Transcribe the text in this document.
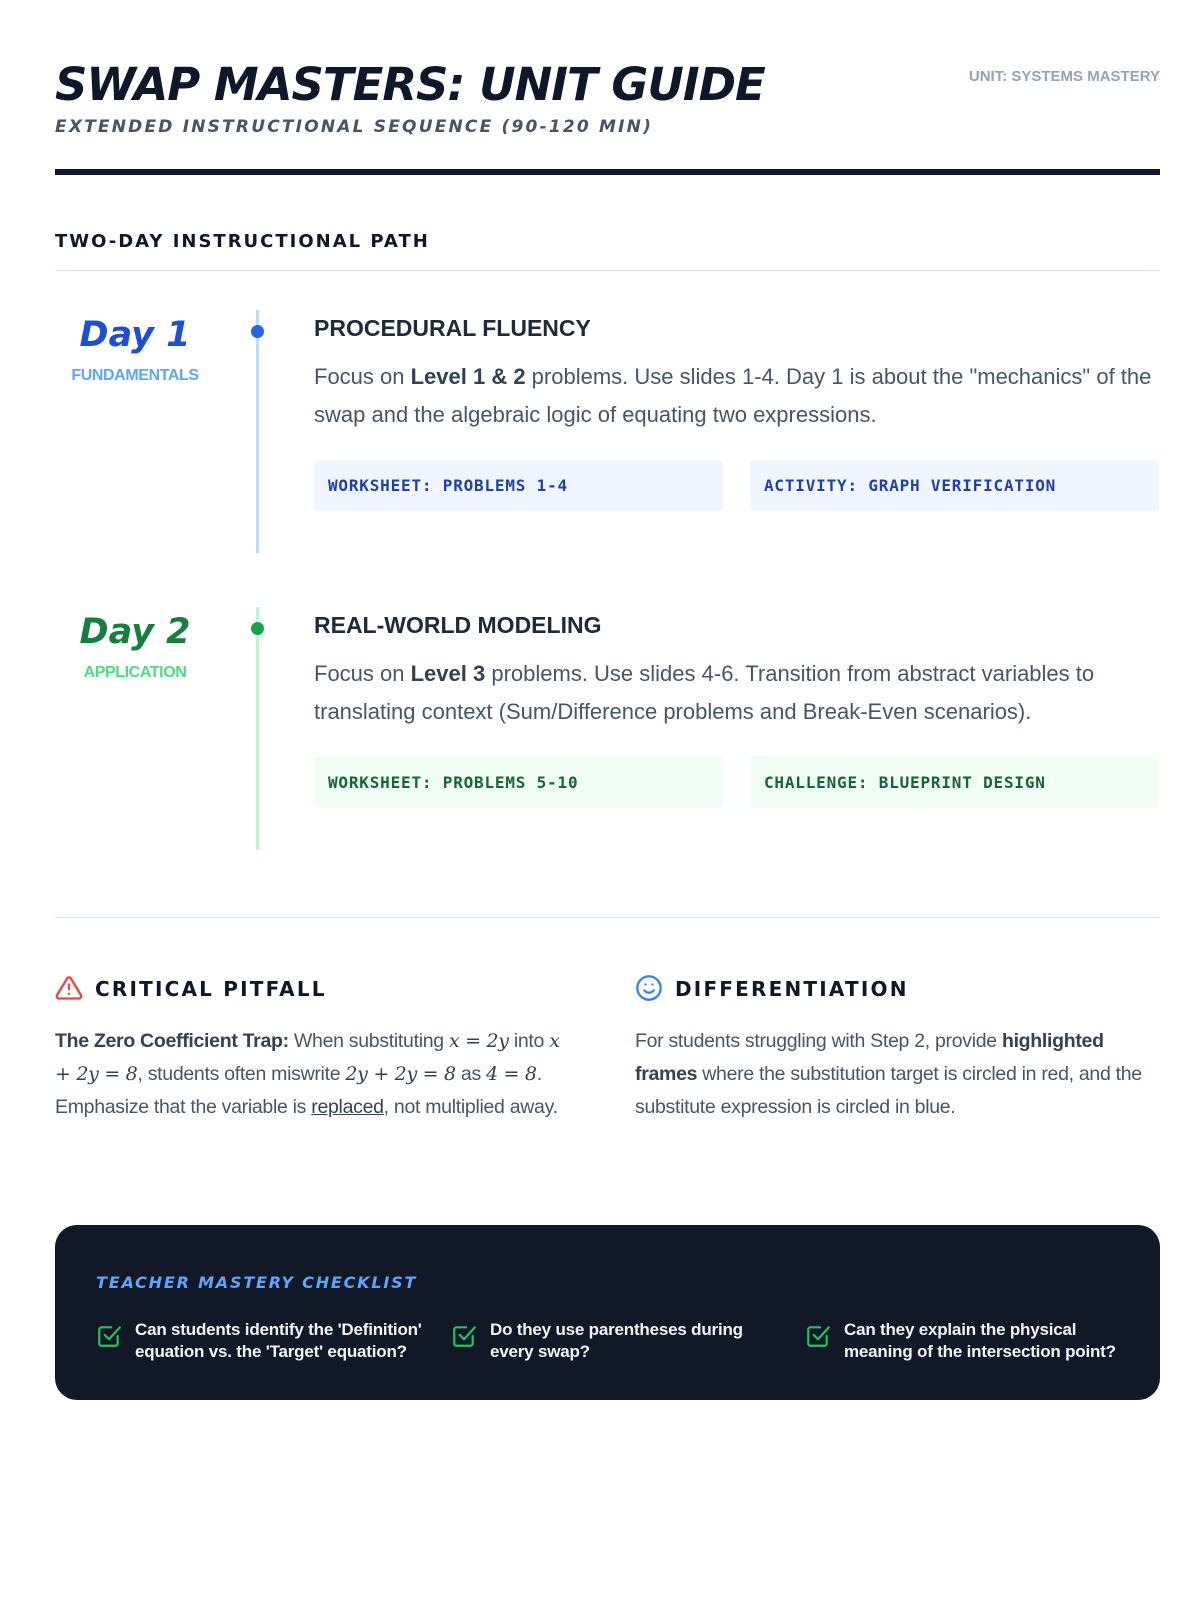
SWAP MASTERS: UNIT GUIDE
EXTENDED INSTRUCTIONAL SEQUENCE (90-120 MIN)
UNIT: SYSTEMS MASTERY
TWO-DAY INSTRUCTIONAL PATH
Day 1
FUNDAMENTALS
PROCEDURAL FLUENCY
Focus on Level 1 & 2 problems. Use slides 1-4. Day 1 is about the "mechanics" of the swap and the algebraic logic of equating two expressions.
WORKSHEET: PROBLEMS 1-4	ACTIVITY: GRAPH VERIFICATION
Day 2
APPLICATION
REAL-WORLD MODELING
Focus on Level 3 problems. Use slides 4-6. Transition from abstract variables to translating context (Sum/Difference problems and Break-Even scenarios).
WORKSHEET: PROBLEMS 5-10	CHALLENGE: BLUEPRINT DESIGN
CRITICAL PITFALL
The Zero Coefficient Trap: When substituting x = 2y into x + 2y = 8, students often miswrite 2y + 2y = 8 as 4 = 8. Emphasize that the variable is replaced, not multiplied away.
DIFFERENTIATION
For students struggling with Step 2, provide highlighted frames where the substitution target is circled in red, and the substitute expression is circled in blue.
TEACHER MASTERY CHECKLIST
Can students identify the 'Definition' equation vs. the 'Target' equation?
Do they use parentheses during every swap?
Can they explain the physical meaning of the intersection point?
